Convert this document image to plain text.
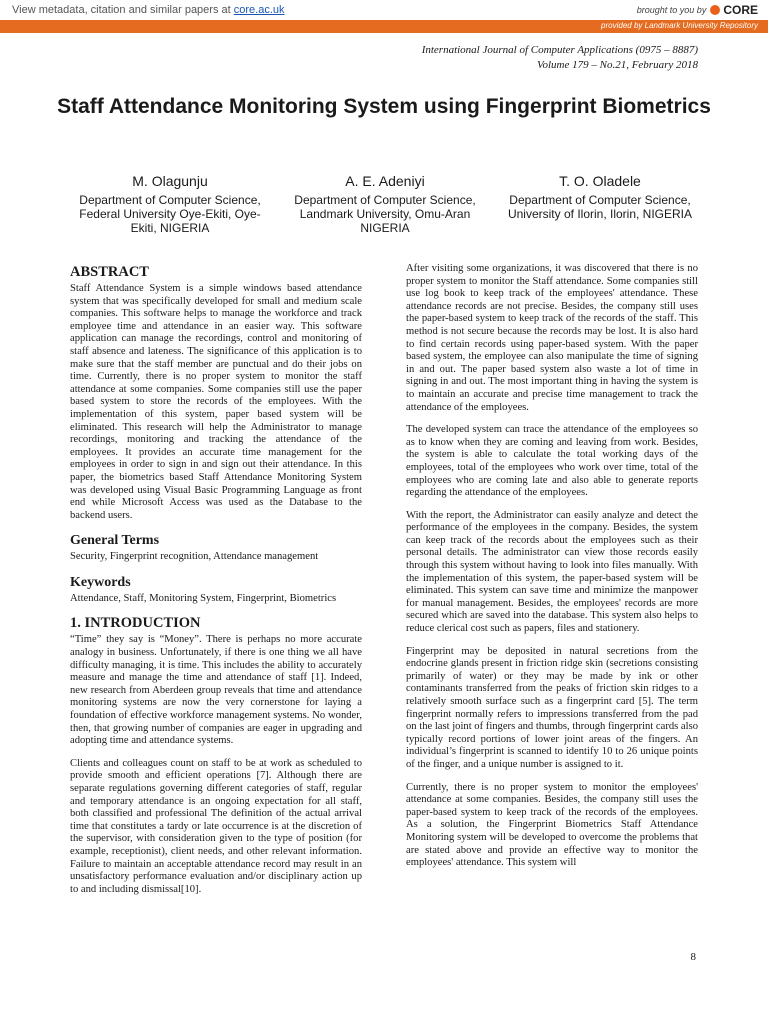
View metadata, citation and similar papers at core.ac.uk	brought to you by CORE
provided by Landmark University Repository
International Journal of Computer Applications (0975 – 8887)
Volume 179 – No.21, February 2018
Staff Attendance Monitoring System using Fingerprint Biometrics
M. Olagunju
Department of Computer Science, Federal University Oye-Ekiti, Oye-Ekiti, NIGERIA
A. E. Adeniyi
Department of Computer Science, Landmark University, Omu-Aran NIGERIA
T. O. Oladele
Department of Computer Science, University of Ilorin, Ilorin, NIGERIA
ABSTRACT

Staff Attendance System is a simple windows based attendance system that was specifically developed for small and medium scale companies. This software helps to manage the workforce and track employee time and attendance in an easier way. This software application can manage the recordings, control and monitoring of staff absence and lateness. The significance of this application is to make sure that the staff member are punctual and do their jobs on time. Currently, there is no proper system to monitor the staff attendance at some companies. Some companies still use the paper based system to store the records of the employees. With the implementation of this system, paper based system will be eliminated. This research will help the Administrator to manage recordings, monitoring and tracking the attendance of the employees. It provides an accurate time management for the employees in order to sign in and sign out their attendance. In this paper, the biometrics based Staff Attendance Monitoring System was developed using Visual Basic Programming Language as front end while Microsoft Access was used as the Database to the backend users.

General Terms

Security, Fingerprint recognition, Attendance management

Keywords

Attendance, Staff, Monitoring System, Fingerprint, Biometrics

1. INTRODUCTION

“Time” they say is “Money”. There is perhaps no more accurate analogy in business. Unfortunately, if there is one thing we all have difficulty managing, it is time. This includes the ability to accurately measure and manage the time and attendance of staff [1]. Indeed, new research from Aberdeen group reveals that time and attendance monitoring systems are now the very cornerstone for laying a foundation of effective workforce management systems. No wonder, then, that growing number of companies are eager in upgrading and adopting time and attendance systems.

Clients and colleagues count on staff to be at work as scheduled to provide smooth and efficient operations [7]. Although there are separate regulations governing different categories of staff, regular and temporary attendance is an ongoing expectation for all staff, both classified and professional The definition of the actual arrival time that constitutes a tardy or late occurrence is at the discretion of the supervisor, with consideration given to the type of position (for example, receptionist), client needs, and other relevant information. Failure to maintain an acceptable attendance record may result in an unsatisfactory performance evaluation and/or disciplinary action up to and including dismissal[10].

After visiting some organizations, it was discovered that there is no proper system to monitor the Staff attendance. Some companies still use log book to keep track of the employees' attendance. These attendance records are not precise. Besides, the company still uses the paper-based system to keep track of the records of the staff. This method is not secure because the records may be lost. It is also hard to find certain records using paper-based system. With the paper based system, the employee can also manipulate the time of signing in and out. The paper based system also waste a lot of time in signing in and out. The most important thing in having the system is to maintain an accurate and precise time management to track the attendance of the employees.

The developed system can trace the attendance of the employees so as to know when they are coming and leaving from work. Besides, the system is able to calculate the total working days of the employees, total of the employees who work over time, total of the employees who are coming late and also able to generate reports regarding the attendance of the employees.

With the report, the Administrator can easily analyze and detect the performance of the employees in the company. Besides, the system can keep track of the records about the employees such as their personal details. The administrator can view those records easily through this system without having to look into files manually. With the implementation of this system, the paper-based system will be eliminated. This system can save time and minimize the manpower for manual management. Besides, the employees' records are more secured which are saved into the database. This system also helps to reduce clerical cost such as papers, files and stationery.

Fingerprint may be deposited in natural secretions from the endocrine glands present in friction ridge skin (secretions consisting primarily of water) or they may be made by ink or other contaminants transferred from the peaks of friction skin ridges to a relatively smooth surface such as a fingerprint card [5]. The term fingerprint normally refers to impressions transferred from the pad on the last joint of fingers and thumbs, through fingerprint cards also typically record portions of lower joint areas of the fingers. An individual’s fingerprint is scanned to identify 10 to 26 unique points of the finger, and a unique number is assigned to it.

Currently, there is no proper system to monitor the employees' attendance at some companies. Besides, the company still uses the paper-based system to keep track of the records of the employees. As a solution, the Fingerprint Biometrics Staff Attendance Monitoring system will be developed to overcome the problems that are stated above and provide an effective way to monitor the employees' attendance. This system will

8
